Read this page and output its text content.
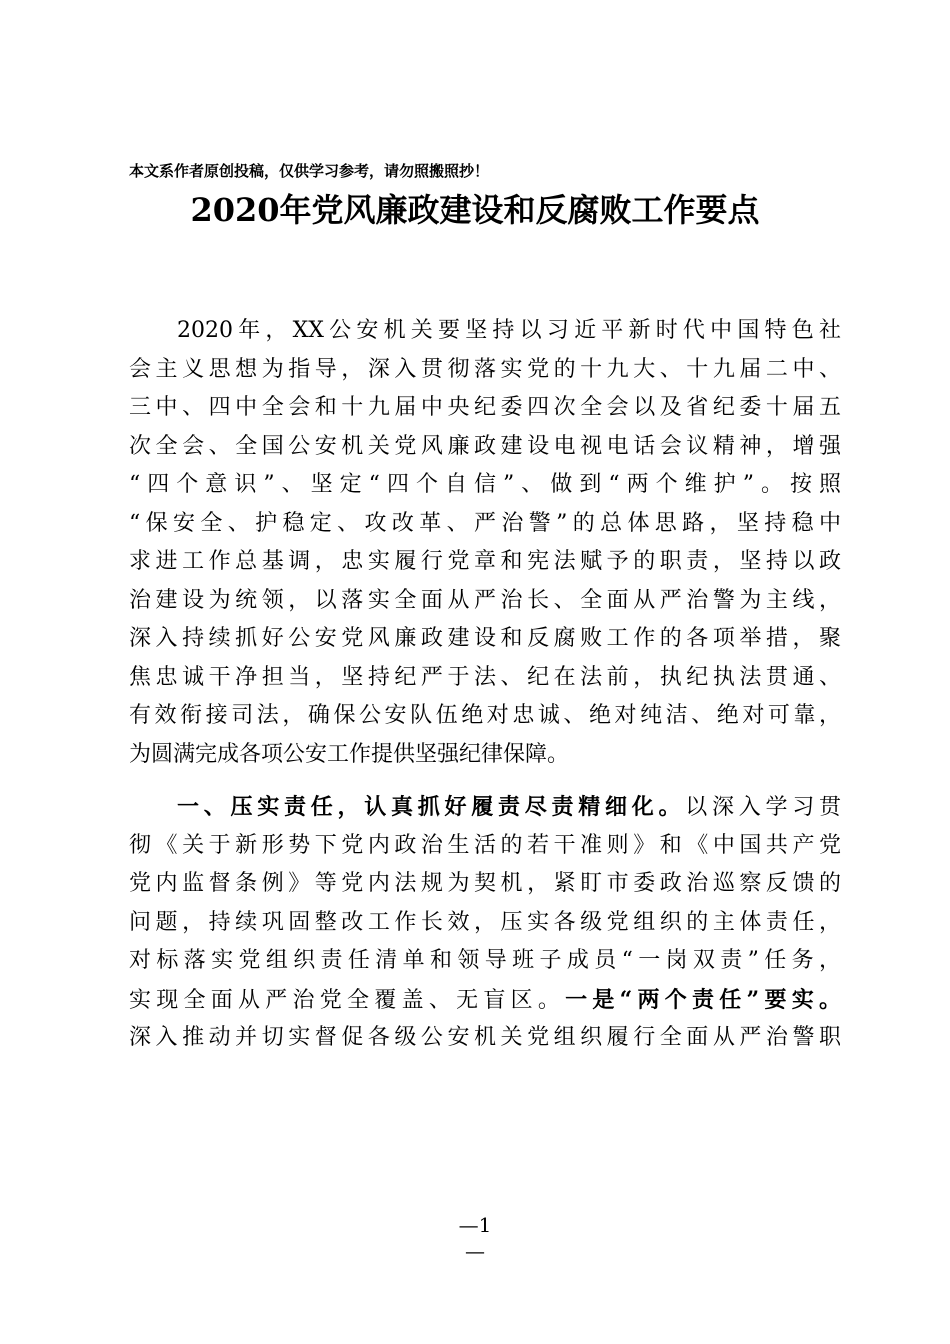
本文系作者原创投稿，仅供学习参考，请勿照搬照抄！
2020年党风廉政建设和反腐败工作要点
2020年，XX公安机关要坚持以习近平新时代中国特色社
会主义思想为指导，深入贯彻落实党的十九大、十九届二中、
三中、四中全会和十九届中央纪委四次全会以及省纪委十届五
次全会、全国公安机关党风廉政建设电视电话会议精神，增强
“四个意识”、坚定“四个自信”、做到“两个维护”。按照
“保安全、护稳定、攻改革、严治警”的总体思路，坚持稳中
求进工作总基调，忠实履行党章和宪法赋予的职责，坚持以政
治建设为统领，以落实全面从严治长、全面从严治警为主线，
深入持续抓好公安党风廉政建设和反腐败工作的各项举措，聚
焦忠诚干净担当，坚持纪严于法、纪在法前，执纪执法贯通、
有效衔接司法，确保公安队伍绝对忠诚、绝对纯洁、绝对可靠，
为圆满完成各项公安工作提供坚强纪律保障。
一、压实责任，认真抓好履责尽责精细化。以深入学习贯
彻《关于新形势下党内政治生活的若干准则》和《中国共产党
党内监督条例》等党内法规为契机，紧盯市委政治巡察反馈的
问题，持续巩固整改工作长效，压实各级党组织的主体责任，
对标落实党组织责任清单和领导班子成员“一岗双责”任务，
实现全面从严治党全覆盖、无盲区。一是“两个责任”要实。
深入推动并切实督促各级公安机关党组织履行全面从严治警职
—1
—
